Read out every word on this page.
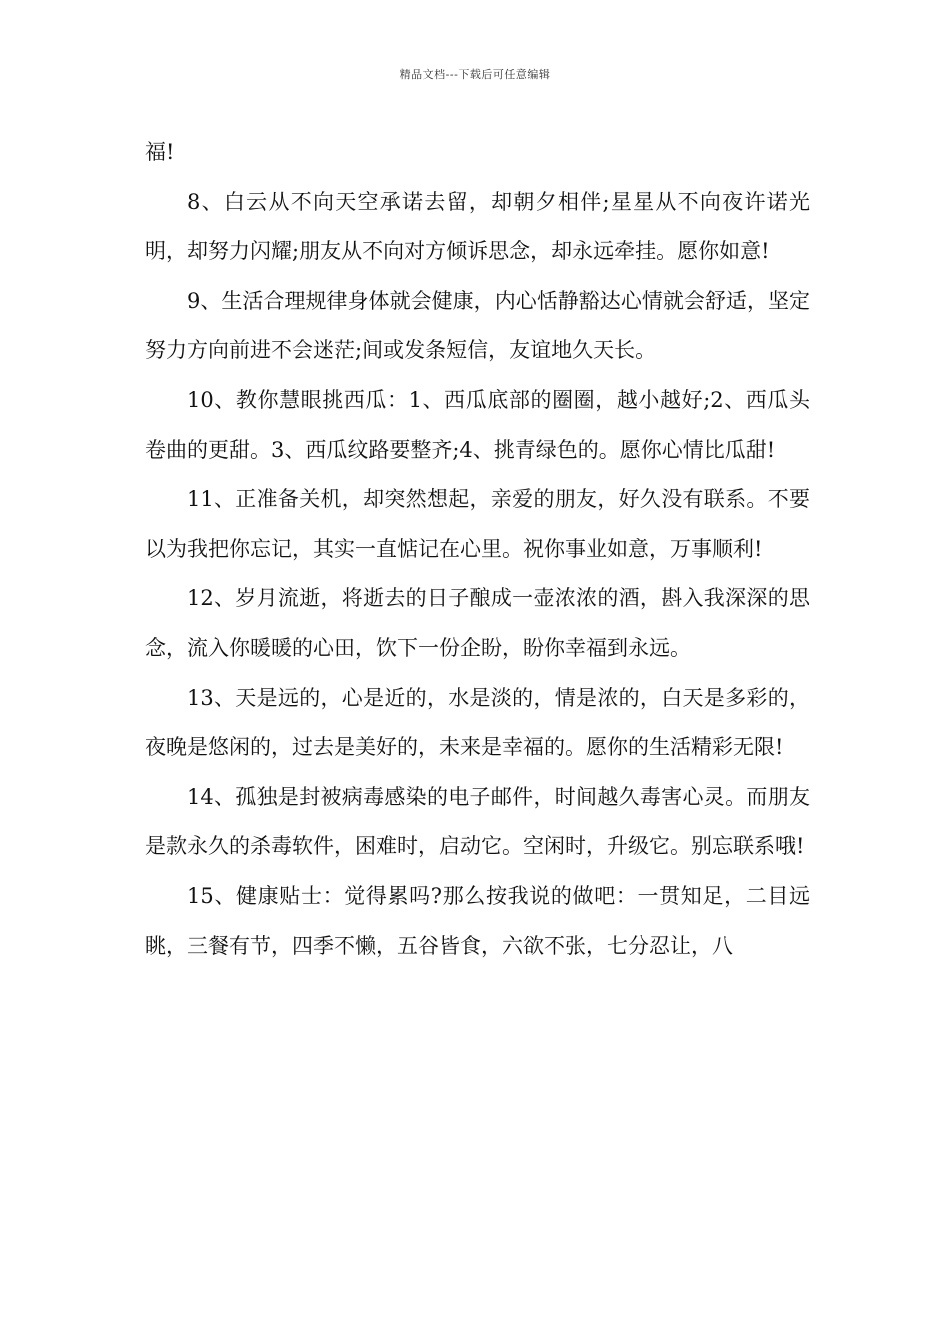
精品文档---下载后可任意编辑

福!

8、白云从不向天空承诺去留，却朝夕相伴;星星从不向夜许诺光明，却努力闪耀;朋友从不向对方倾诉思念，却永远牵挂。愿你如意!

9、生活合理规律身体就会健康，内心恬静豁达心情就会舒适，坚定努力方向前进不会迷茫;间或发条短信，友谊地久天长。

10、教你慧眼挑西瓜：1、西瓜底部的圈圈，越小越好;2、西瓜头卷曲的更甜。3、西瓜纹路要整齐;4、挑青绿色的。愿你心情比瓜甜!

11、正准备关机，却突然想起，亲爱的朋友，好久没有联系。不要以为我把你忘记，其实一直惦记在心里。祝你事业如意，万事顺利!

12、岁月流逝，将逝去的日子酿成一壶浓浓的酒，斟入我深深的思念，流入你暖暖的心田，饮下一份企盼，盼你幸福到永远。

13、天是远的，心是近的，水是淡的，情是浓的，白天是多彩的，夜晚是悠闲的，过去是美好的，未来是幸福的。愿你的生活精彩无限!

14、孤独是封被病毒感染的电子邮件，时间越久毒害心灵。而朋友是款永久的杀毒软件，困难时，启动它。空闲时，升级它。别忘联系哦!

15、健康贴士：觉得累吗?那么按我说的做吧：一贯知足，二目远眺，三餐有节，四季不懒，五谷皆食，六欲不张，七分忍让，八
